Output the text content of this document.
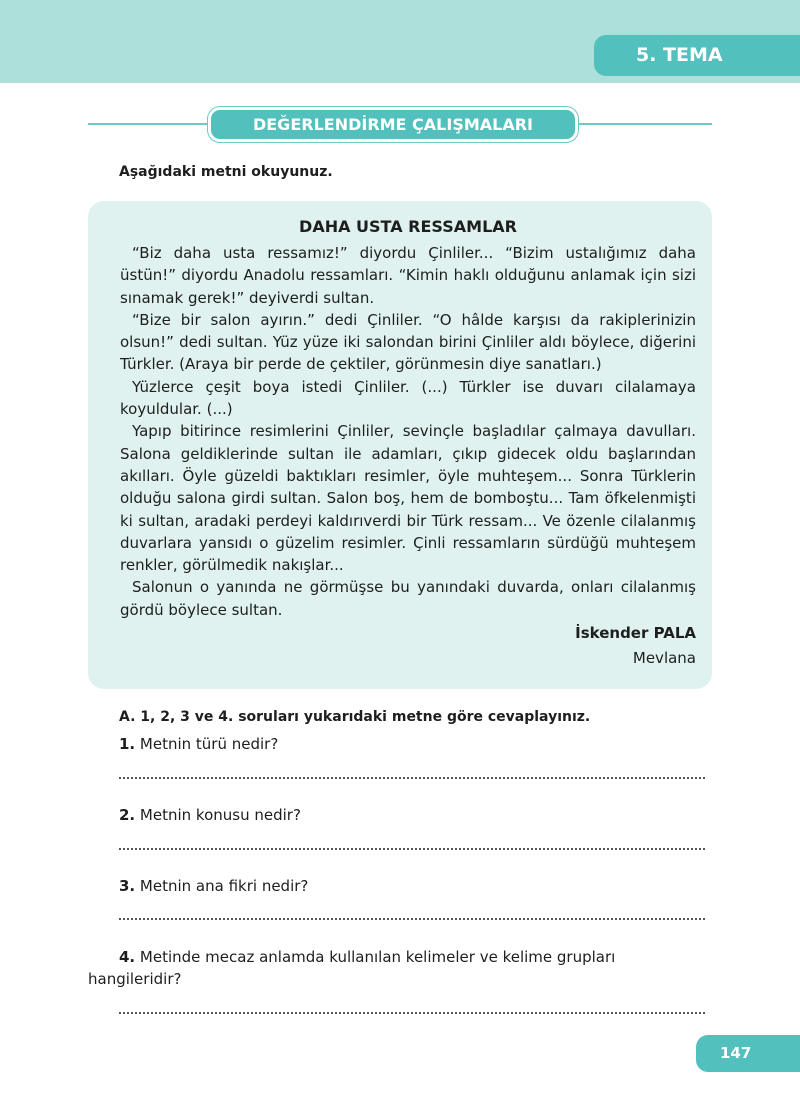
5. TEMA
DEĞERLENDİRME ÇALIŞMALARI
Aşağıdaki metni okuyunuz.
DAHA USTA RESSAMLAR

“Biz daha usta ressamız!” diyordu Çinliler... “Bizim ustalığımız daha üstün!” diyordu Anadolu ressamları. “Kimin haklı olduğunu anlamak için sizi sınamak gerek!” deyiverdi sultan.

“Bize bir salon ayırın.” dedi Çinliler. “O hâlde karşısı da rakiplerinizin olsun!” dedi sultan. Yüz yüze iki salondan birini Çinliler aldı böylece, diğerini Türkler. (Araya bir perde de çektiler, görünmesin diye sanatları.)

Yüzlerce çeşit boya istedi Çinliler. (...) Türkler ise duvarı cilalamaya koyuldular. (...)

Yapıp bitirince resimlerini Çinliler, sevinçle başladılar çalmaya davulları. Salona geldiklerinde sultan ile adamları, çıkıp gidecek oldu başlarından akılları. Öyle güzeldi baktıkları resimler, öyle muhteşem... Sonra Türklerin olduğu salona girdi sultan. Salon boş, hem de bomboştu... Tam öfkelenmişti ki sultan, aradaki perdeyi kaldırıverdi bir Türk ressam... Ve özenle cilalanmış duvarlara yansıdı o güzelim resimler. Çinli ressamların sürdüğü muhteşem renkler, görülmedik nakışlar...

Salonun o yanında ne görmüşse bu yanındaki duvarda, onları cilalanmış gördü böylece sultan.

İskender PALA
Mevlana
A. 1, 2, 3 ve 4. soruları yukarıdaki metne göre cevaplayınız.
1. Metnin türü nedir?
2. Metnin konusu nedir?
3. Metnin ana fikri nedir?
4. Metinde mecaz anlamda kullanılan kelimeler ve kelime grupları hangileridir?
147
